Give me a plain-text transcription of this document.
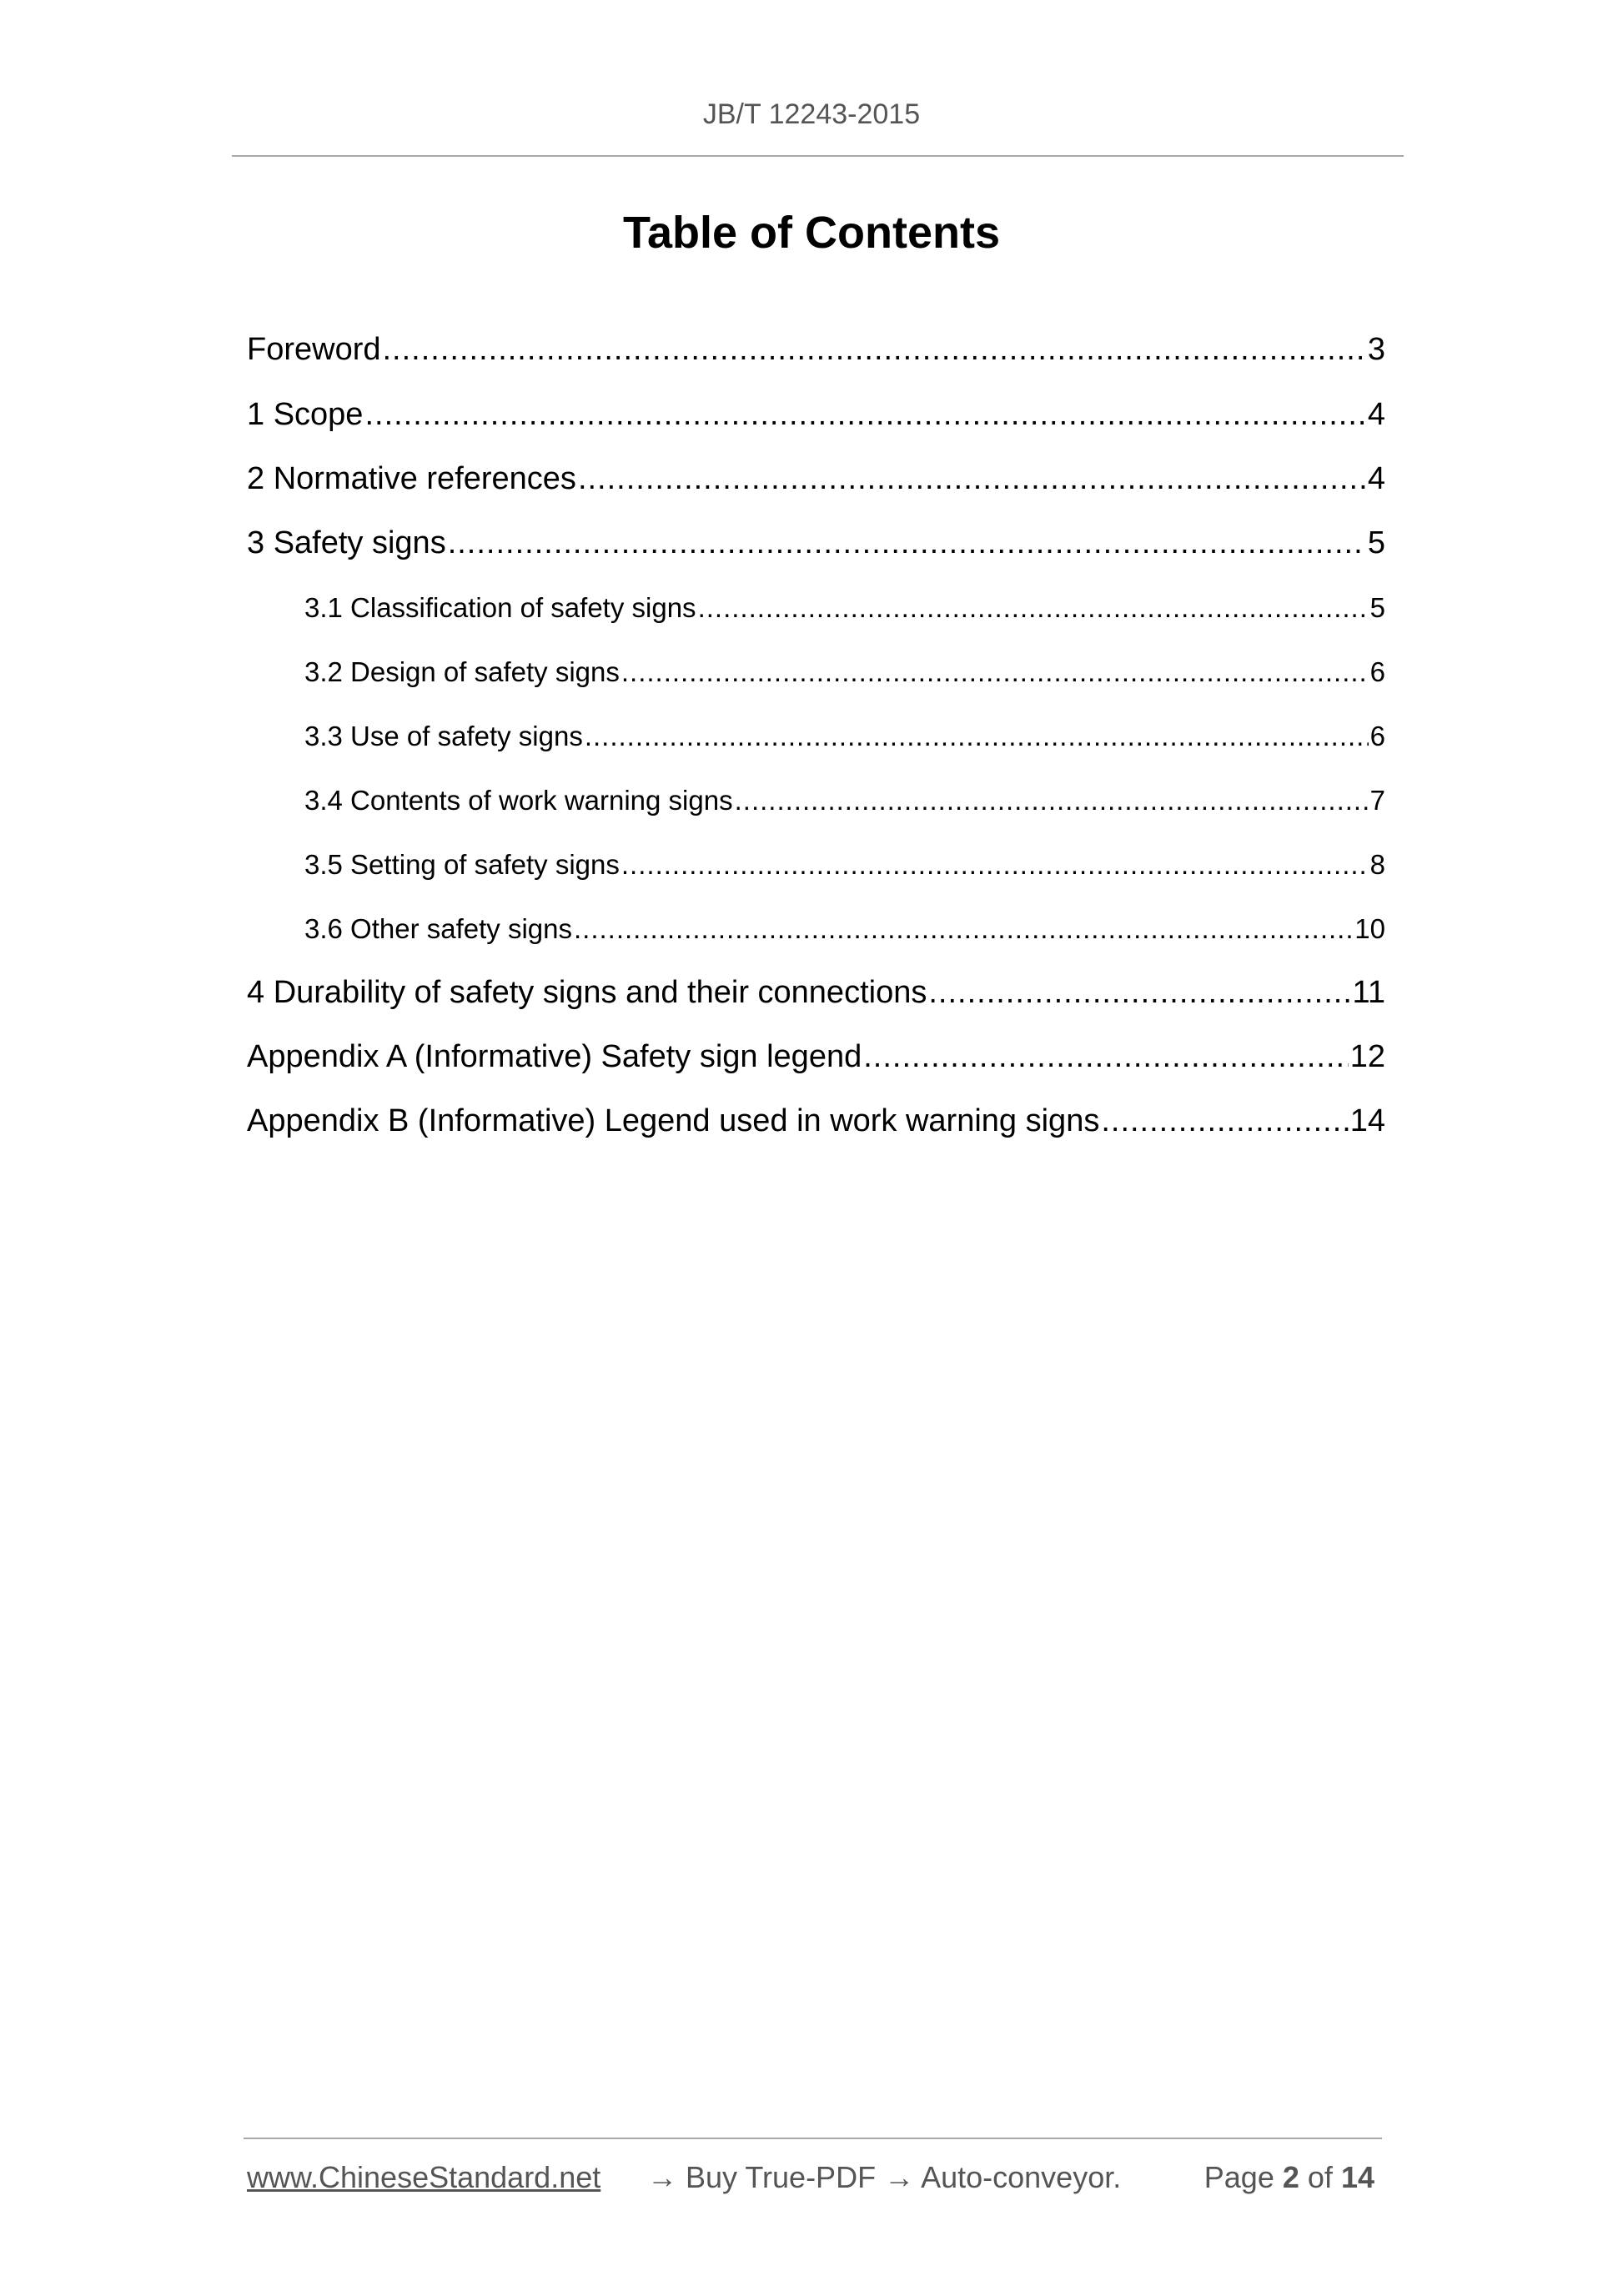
JB/T 12243-2015
Table of Contents
Foreword .....	3
1 Scope .....	4
2 Normative references .....	4
3 Safety signs .....	5
3.1 Classification of safety signs .....	5
3.2 Design of safety signs .....	6
3.3 Use of safety signs .....	6
3.4 Contents of work warning signs .....	7
3.5 Setting of safety signs .....	8
3.6 Other safety signs .....	10
4 Durability of safety signs and their connections .....	11
Appendix A (Informative) Safety sign legend .....	12
Appendix B (Informative) Legend used in work warning signs .....	14
www.ChineseStandard.net → Buy True-PDF → Auto-conveyor.	Page 2 of 14
